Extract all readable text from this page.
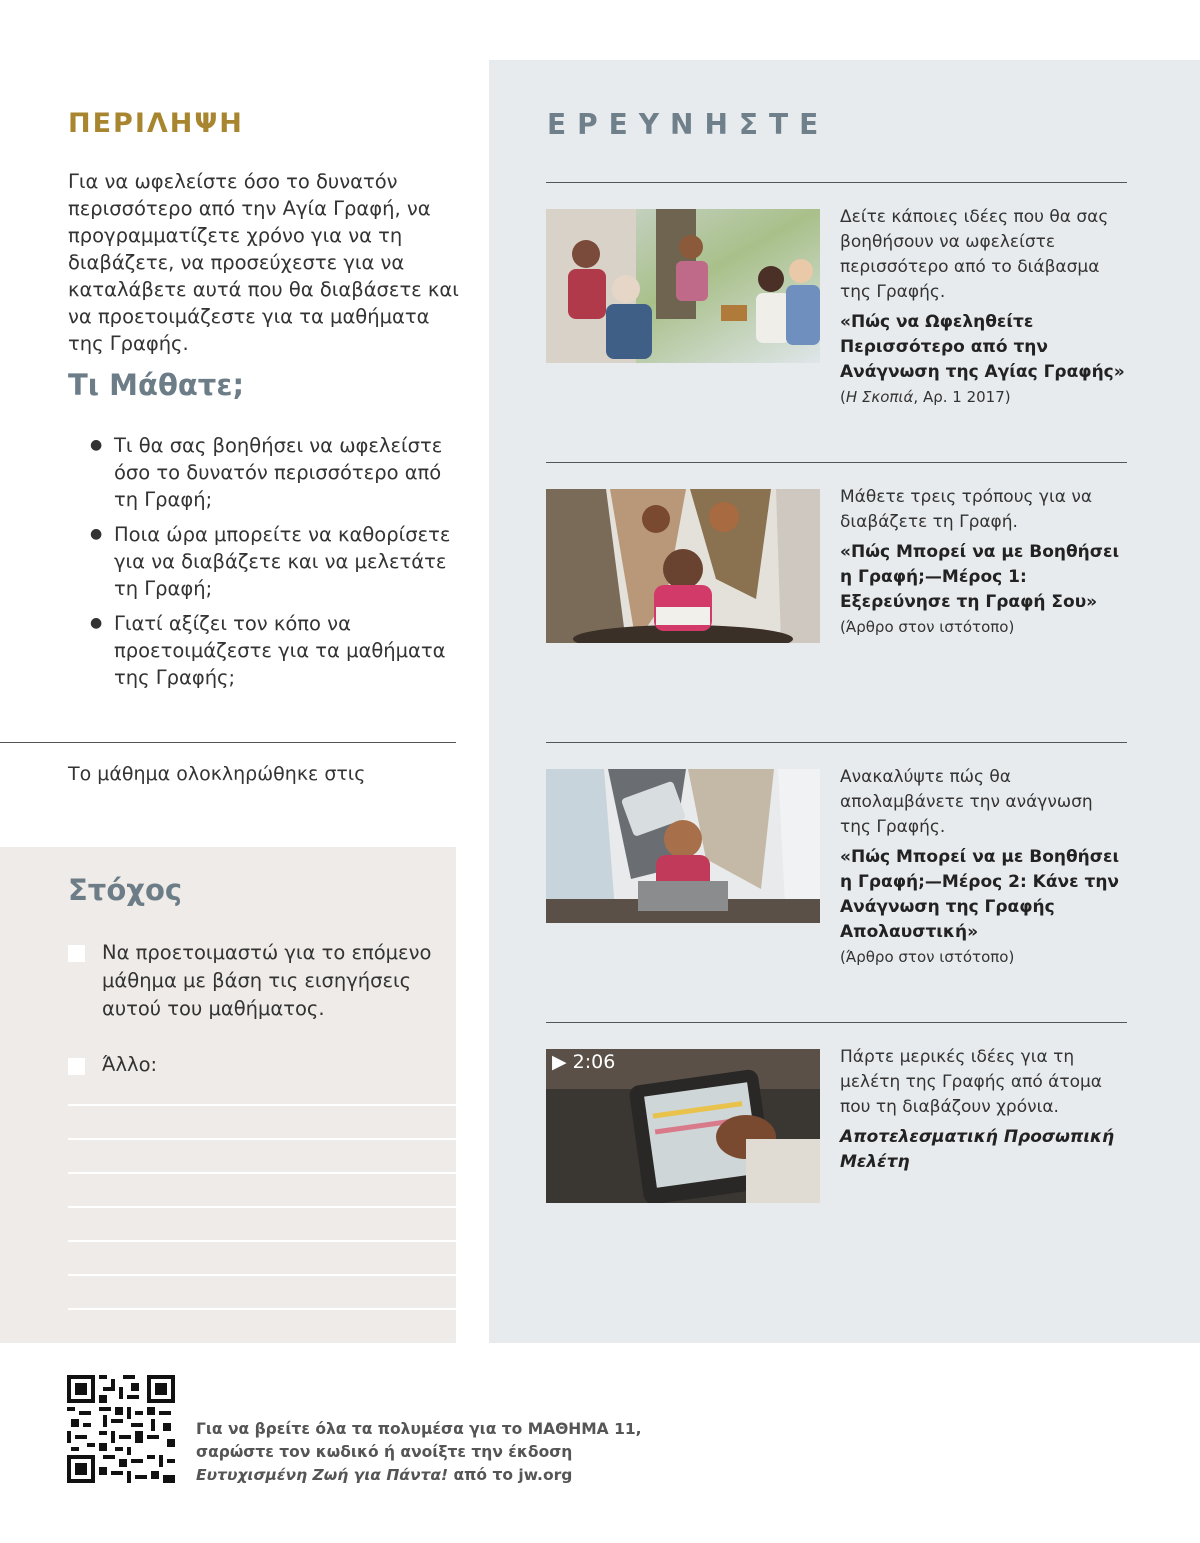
ΠΕΡΙΛΗΨΗ

Για να ωφελείστε όσο το δυνατόν περισσότερο από την Αγία Γραφή, να προγραμματίζετε χρόνο για να τη διαβάζετε, να προσεύχεστε για να καταλάβετε αυτά που θα διαβάσετε και να προετοιμάζεστε για τα μαθήματα της Γραφής.

Τι Μάθατε;
● Τι θα σας βοηθήσει να ωφελείστε όσο το δυνατόν περισσότερο από τη Γραφή;
● Ποια ώρα μπορείτε να καθορίσετε για να διαβάζετε και να μελετάτε τη Γραφή;
● Γιατί αξίζει τον κόπο να προετοιμάζεστε για τα μαθήματα της Γραφής;
Το μάθημα ολοκληρώθηκε στις
Στόχος

Να προετοιμαστώ για το επόμενο μάθημα με βάση τις εισηγήσεις αυτού του μαθήματος.

Άλλο:
ΕΡΕΥΝΗΣΤΕ
Δείτε κάποιες ιδέες που θα σας βοηθήσουν να ωφελείστε περισσότερο από το διάβασμα της Γραφής.
«Πώς να Ωφεληθείτε Περισσότερο από την Ανάγνωση της Αγίας Γραφής»
(Η Σκοπιά, Αρ. 1 2017)
Μάθετε τρεις τρόπους για να διαβάζετε τη Γραφή.
«Πώς Μπορεί να με Βοηθήσει η Γραφή;—Μέρος 1: Εξερεύνησε τη Γραφή Σου» (Άρθρο στον ιστότοπο)
Ανακαλύψτε πώς θα απολαμβάνετε την ανάγνωση της Γραφής.
«Πώς Μπορεί να με Βοηθήσει η Γραφή;—Μέρος 2: Κάνε την Ανάγνωση της Γραφής Απολαυστική»
(Άρθρο στον ιστότοπο)
▶ 2:06	Πάρτε μερικές ιδέες για τη μελέτη της Γραφής από άτομα που τη διαβάζουν χρόνια.
Αποτελεσματική Προσωπική Μελέτη
Για να βρείτε όλα τα πολυμέσα για το ΜΑΘΗΜΑ 11,
σαρώστε τον κωδικό ή ανοίξτε την έκδοση
Ευτυχισμένη Ζωή για Πάντα! από το jw.org
